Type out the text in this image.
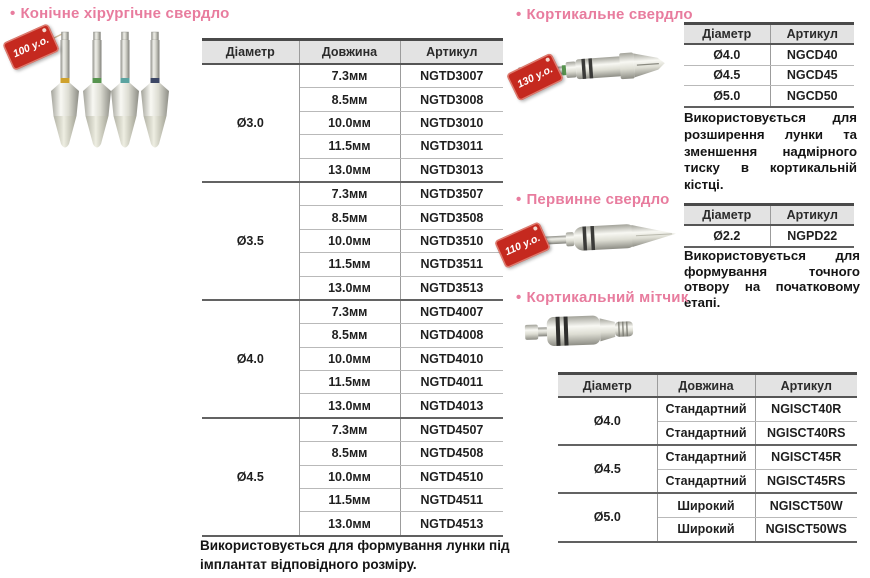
• Конічне хірургічне свердло
100 у.о.	Діаметр	Довжина	Артикул
Ø3.0	7.3мм	NGTD3007
	8.5мм	NGTD3008
	10.0мм	NGTD3010
	11.5мм	NGTD3011
	13.0мм	NGTD3013
Ø3.5	7.3мм	NGTD3507
	8.5мм	NGTD3508
	10.0мм	NGTD3510
	11.5мм	NGTD3511
	13.0мм	NGTD3513
Ø4.0	7.3мм	NGTD4007
	8.5мм	NGTD4008
	10.0мм	NGTD4010
	11.5мм	NGTD4011
	13.0мм	NGTD4013
Ø4.5	7.3мм	NGTD4507
	8.5мм	NGTD4508
	10.0мм	NGTD4510
	11.5мм	NGTD4511
	13.0мм	NGTD4513
Використовується для формування лунки під імплантат відповідного розміру.
• Кортикальне свердло
130 у.о.
Діаметр	Артикул
Ø4.0	NGCD40
Ø4.5	NGCD45
Ø5.0	NGCD50
Використовується для розширення лунки та зменшення надмірного тиску в кортикальній кістці.
• Первинне свердло
110 у.о.
Діаметр	Артикул
Ø2.2	NGPD22
Використовується для формування точного отвору на початковому етапі.
• Кортикальний мітчик
Діаметр	Довжина	Артикул
Ø4.0	Стандартний	NGISCT40R
	Стандартний	NGISCT40RS
Ø4.5	Стандартний	NGISCT45R
	Стандартний	NGISCT45RS
Ø5.0	Широкий	NGISCT50W
	Широкий	NGISCT50WS
